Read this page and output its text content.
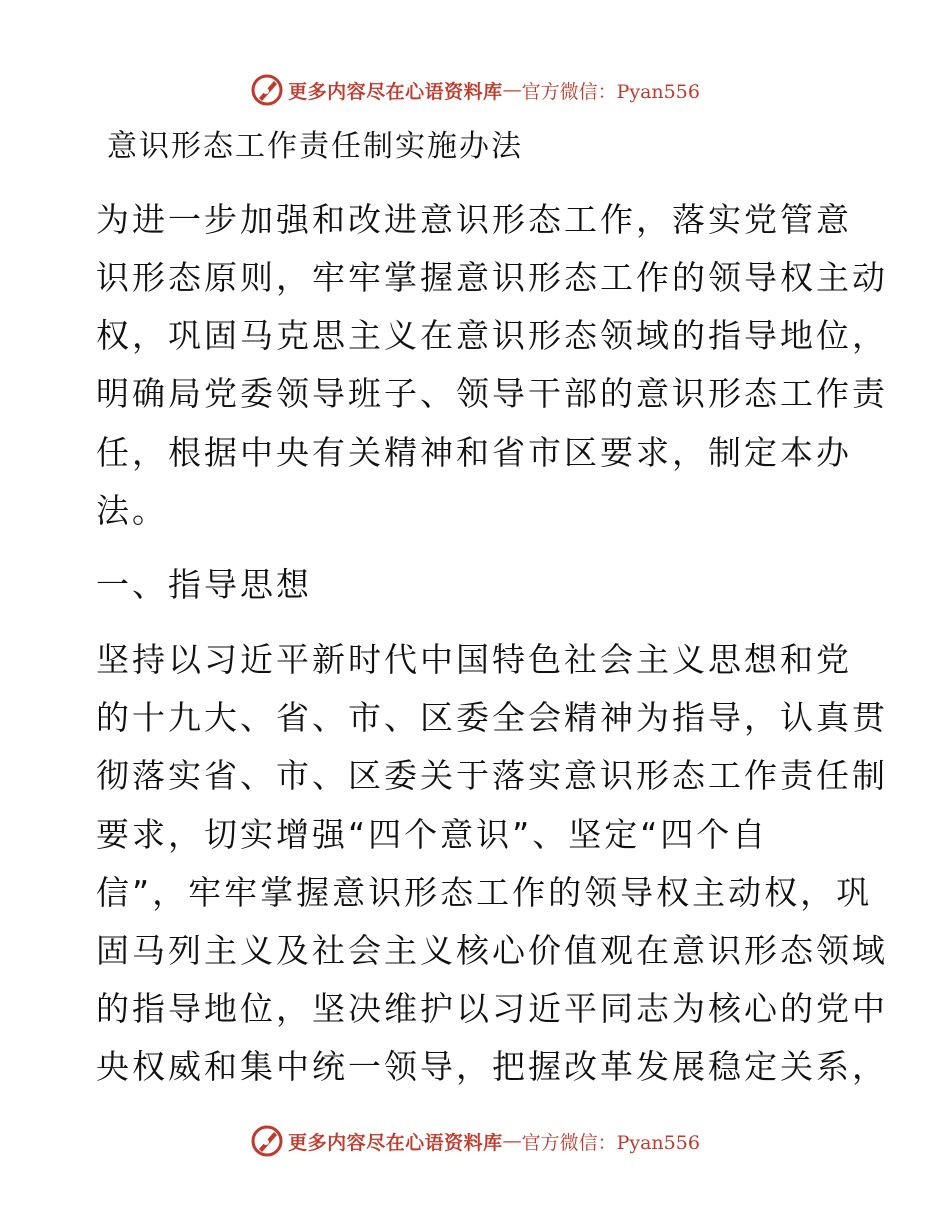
更多内容尽在心语资料库 — 官方微信：Pyan556
意识形态工作责任制实施办法
为进一步加强和改进意识形态工作，落实党管意
识形态原则，牢牢掌握意识形态工作的领导权主动
权，巩固马克思主义在意识形态领域的指导地位，
明确局党委领导班子、领导干部的意识形态工作责
任，根据中央有关精神和省市区要求，制定本办
法。
一、指导思想
坚持以习近平新时代中国特色社会主义思想和党
的十九大、省、市、区委全会精神为指导，认真贯
彻落实省、市、区委关于落实意识形态工作责任制
要求，切实增强“四个意识”、坚定“四个自
信”，牢牢掌握意识形态工作的领导权主动权，巩
固马列主义及社会主义核心价值观在意识形态领域
的指导地位，坚决维护以习近平同志为核心的党中
央权威和集中统一领导，把握改革发展稳定关系，
更多内容尽在心语资料库 — 官方微信：Pyan556
